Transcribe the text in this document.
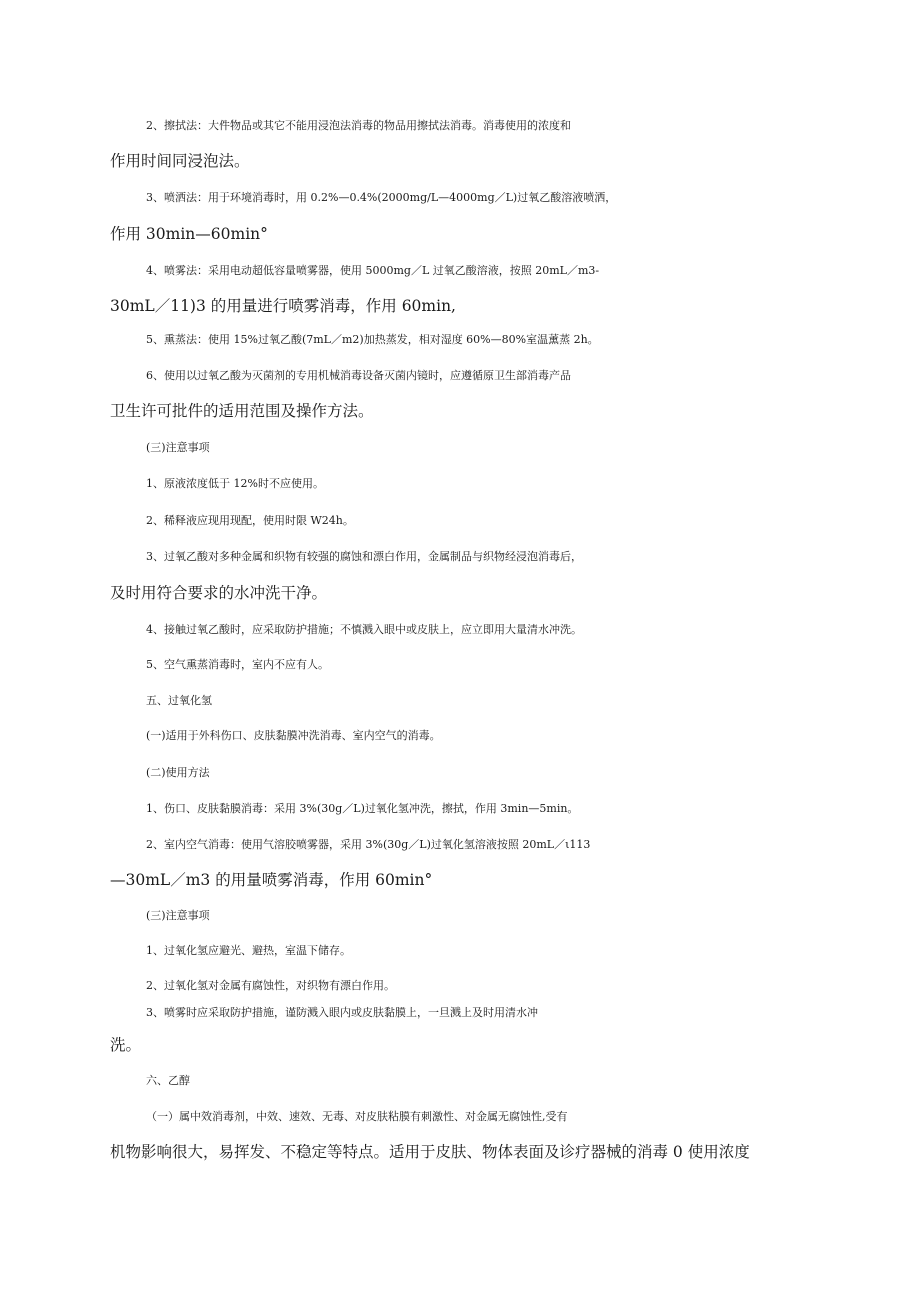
2、擦拭法：大件物品或其它不能用浸泡法消毒的物品用擦拭法消毒。消毒使用的浓度和
作用时间同浸泡法。
3、喷洒法：用于环境消毒时，用 0.2%—0.4%(2000mg/L—4000mg／L)过氧乙酸溶液喷洒，
作用 30min—60min°
4、喷雾法：采用电动超低容量喷雾器，使用 5000mg／L 过氧乙酸溶液，按照 20mL／m3-
30mL／11)3 的用量进行喷雾消毒，作用 60min,
5、熏蒸法：使用 15%过氧乙酸(7mL／m2)加热蒸发，相对湿度 60%—80%室温薰蒸 2h。
6、使用以过氧乙酸为灭菌剂的专用机械消毒设备灭菌内镜时，应遵循原卫生部消毒产品
卫生许可批件的适用范围及操作方法。
(三)注意事项
1、原液浓度低于 12%时不应使用。
2、稀释液应现用现配，使用时限 W24h。
3、过氧乙酸对多种金属和织物有较强的腐蚀和漂白作用，金属制品与织物经浸泡消毒后，
及时用符合要求的水冲洗干净。
4、接触过氧乙酸时，应采取防护措施；不慎溅入眼中或皮肤上，应立即用大量清水冲洗。
5、空气熏蒸消毒时，室内不应有人。
五、过氧化氢
(一)适用于外科伤口、皮肤黏膜冲洗消毒、室内空气的消毒。
(二)使用方法
1、伤口、皮肤黏膜消毒：采用 3%(30g／L)过氧化氢冲洗，擦拭，作用 3min—5min。
2、室内空气消毒：使用气溶胶喷雾器，采用 3%(30g／L)过氧化氢溶液按照 20mL／ι113
—30mL／m3 的用量喷雾消毒，作用 60min°
(三)注意事项
1、过氧化氢应避光、避热，室温下储存。
2、过氧化氢对金属有腐蚀性，对织物有漂白作用。
3、喷雾时应采取防护措施，谨防溅入眼内或皮肤黏膜上，一旦溅上及时用清水冲
洗。
六、乙醇
（一）属中效消毒剂，中效、速效、无毒、对皮肤粘膜有刺激性、对金属无腐蚀性,受有
机物影响很大，易挥发、不稳定等特点。适用于皮肤、物体表面及诊疗器械的消毒 0 使用浓度
